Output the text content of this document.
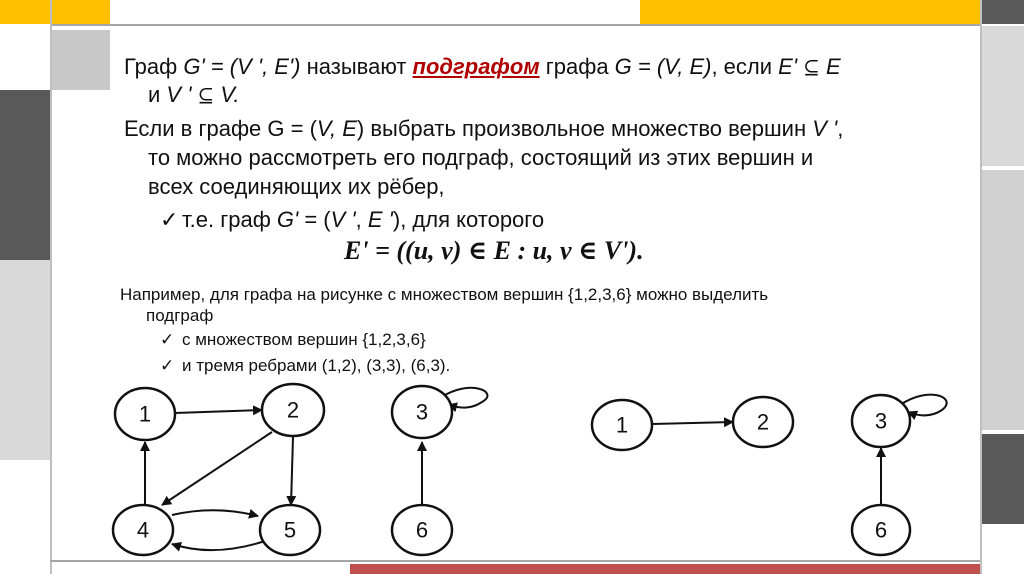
Граф G' = (V ', E') называют подграфом графа G = (V, E), если E' ⊆ E
и V ' ⊆ V.
Если в графе G = (V, E) выбрать произвольное множество вершин V ',
то можно рассмотреть его подграф, состоящий из этих вершин и
всех соединяющих их рёбер,
✓ т.е. граф G' = (V ', E '), для которого
E' = ((u, v) ∈ E : u, v ∈ V').
Например, для графа на рисунке с множеством вершин {1,2,3,6} можно выделить
подграф
✓ с множеством вершин {1,2,3,6}
✓ и тремя ребрами (1,2), (3,3), (6,3).
1	2
4	5
3
6
1	2	3
6
